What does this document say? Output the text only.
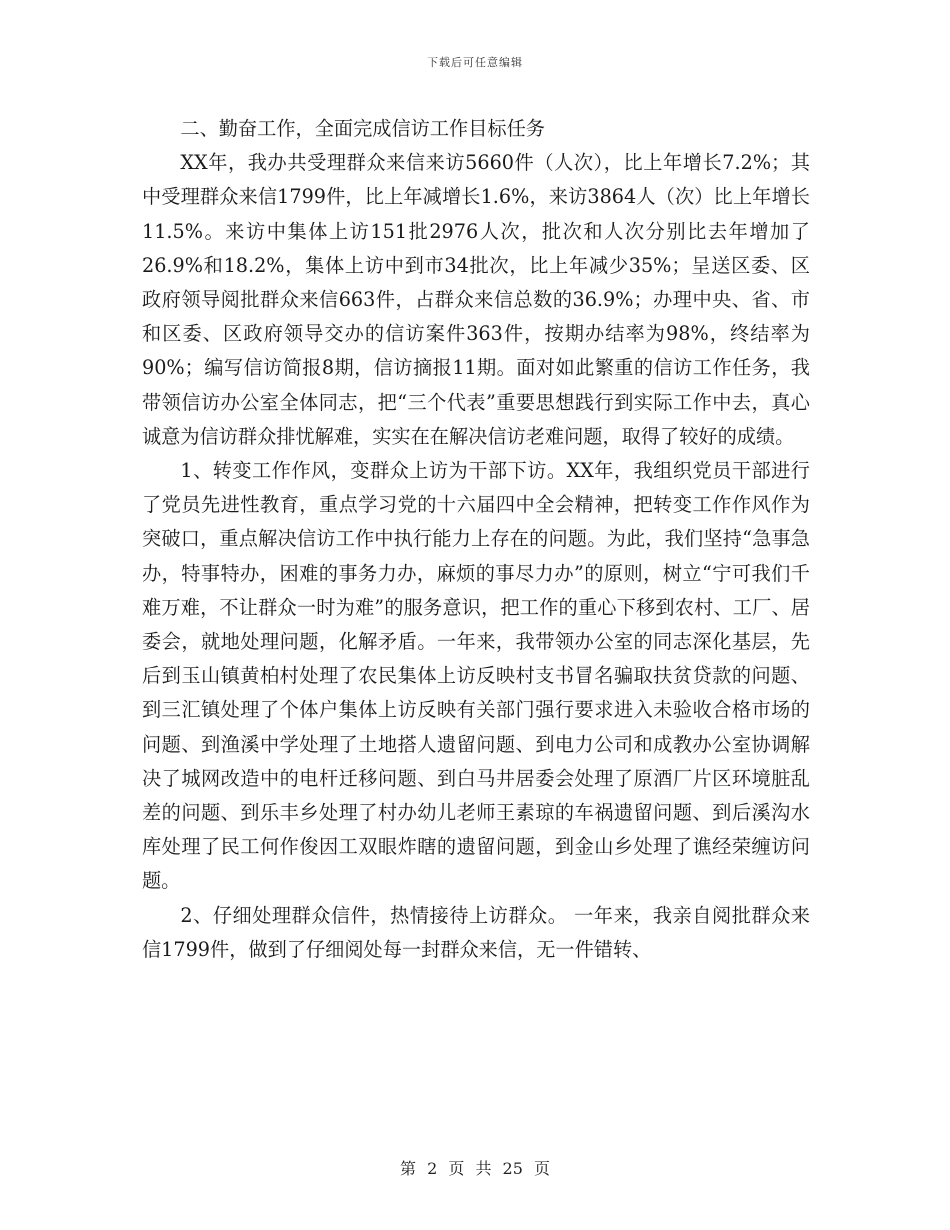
下载后可任意编辑

二、勤奋工作，全面完成信访工作目标任务

XX年，我办共受理群众来信来访5660件（人次），比上年增长7.2%；其中受理群众来信1799件，比上年减增长1.6%，来访3864人（次）比上年增长11.5%。来访中集体上访151批2976人次，批次和人次分别比去年增加了26.9%和18.2%，集体上访中到市34批次，比上年减少35%；呈送区委、区政府领导阅批群众来信663件，占群众来信总数的36.9%；办理中央、省、市和区委、区政府领导交办的信访案件363件，按期办结率为98%，终结率为90%；编写信访简报8期，信访摘报11期。面对如此繁重的信访工作任务，我带领信访办公室全体同志，把“三个代表”重要思想践行到实际工作中去，真心诚意为信访群众排忧解难，实实在在解决信访老难问题，取得了较好的成绩。

1、转变工作作风，变群众上访为干部下访。XX年，我组织党员干部进行了党员先进性教育，重点学习党的十六届四中全会精神，把转变工作作风作为突破口，重点解决信访工作中执行能力上存在的问题。为此，我们坚持“急事急办，特事特办，困难的事务力办，麻烦的事尽力办”的原则，树立“宁可我们千难万难，不让群众一时为难”的服务意识，把工作的重心下移到农村、工厂、居委会，就地处理问题，化解矛盾。一年来，我带领办公室的同志深化基层，先后到玉山镇黄柏村处理了农民集体上访反映村支书冒名骗取扶贫贷款的问题、到三汇镇处理了个体户集体上访反映有关部门强行要求进入未验收合格市场的问题、到渔溪中学处理了土地搭人遗留问题、到电力公司和成教办公室协调解决了城网改造中的电杆迁移问题、到白马井居委会处理了原酒厂片区环境脏乱差的问题、到乐丰乡处理了村办幼儿老师王素琼的车祸遗留问题、到后溪沟水库处理了民工何作俊因工双眼炸瞎的遗留问题，到金山乡处理了谯经荣缠访问题。

2、仔细处理群众信件，热情接待上访群众。 一年来，我亲自阅批群众来信1799件，做到了仔细阅处每一封群众来信，无一件错转、

第 2 页 共 25 页
